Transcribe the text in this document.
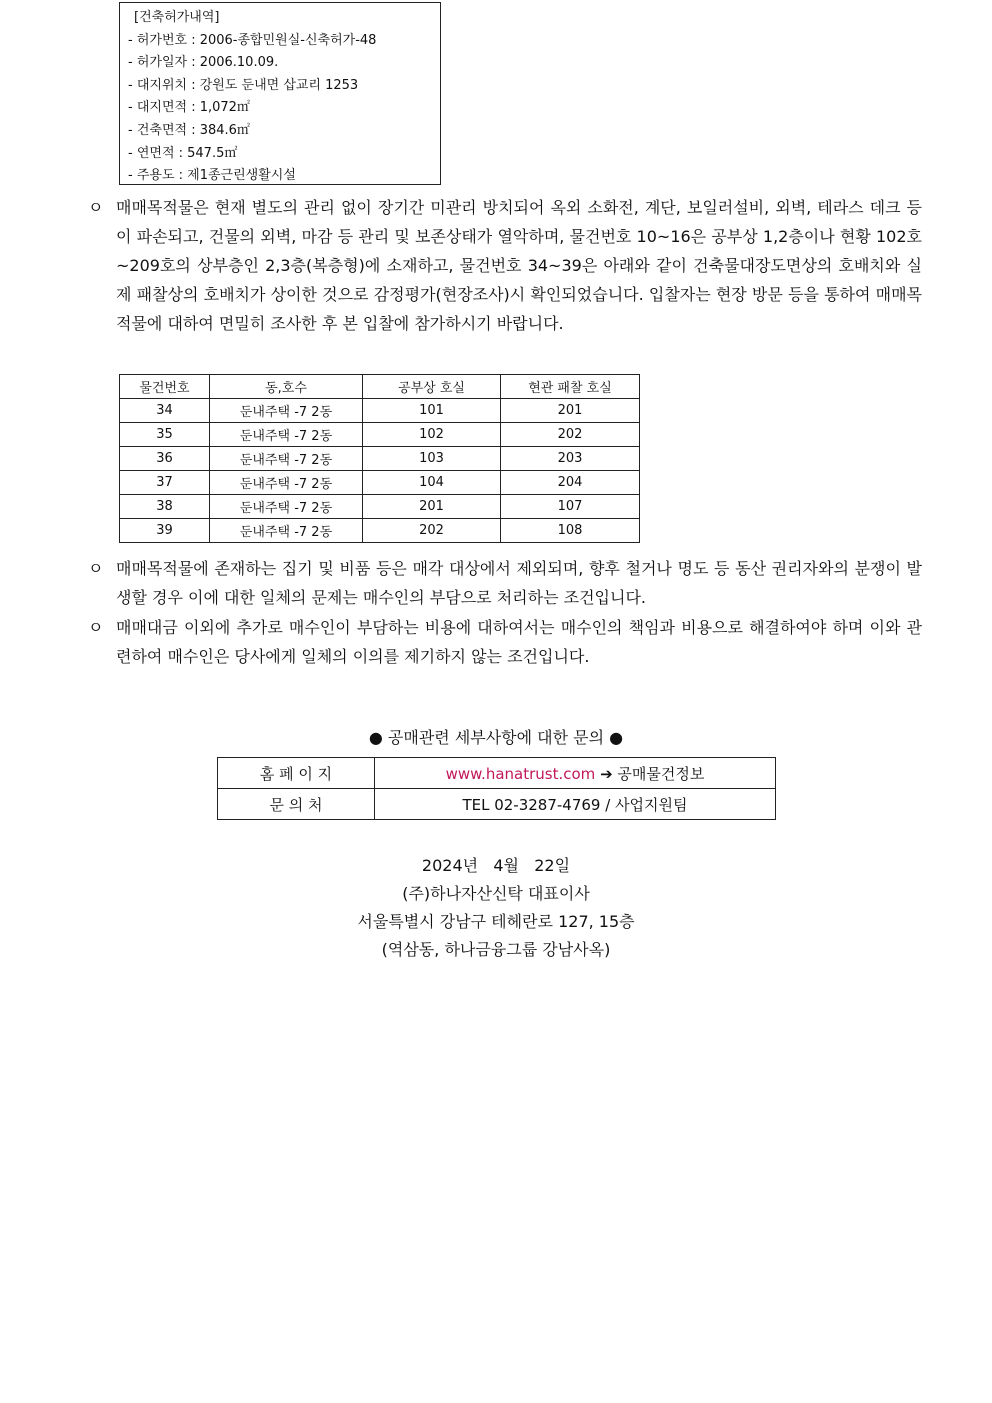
[건축허가내역]
- 허가번호 : 2006-종합민원실-신축허가-48
- 허가일자 : 2006.10.09.
- 대지위치 : 강원도 둔내면 삽교리 1253
- 대지면적 : 1,072㎡
- 건축면적 : 384.6㎡
- 연면적 : 547.5㎡
- 주용도 : 제1종근린생활시설
ㅇ 매매목적물은 현재 별도의 관리 없이 장기간 미관리 방치되어 옥외 소화전, 계단, 보일러설비, 외벽, 테라스 데크 등이 파손되고, 건물의 외벽, 마감 등 관리 및 보존상태가 열악하며, 물건번호 10~16은 공부상 1,2층이나 현황 102호~209호의 상부층인 2,3층(복층형)에 소재하고, 물건번호 34~39은 아래와 같이 건축물대장도면상의 호배치와 실제 패찰상의 호배치가 상이한 것으로 감정평가(현장조사)시 확인되었습니다. 입찰자는 현장 방문 등을 통하여 매매목적물에 대하여 면밀히 조사한 후 본 입찰에 참가하시기 바랍니다.
물건번호	동,호수	공부상 호실	현관 패찰 호실
34	둔내주택 -7 2동	101	201
35	둔내주택 -7 2동	102	202
36	둔내주택 -7 2동	103	203
37	둔내주택 -7 2동	104	204
38	둔내주택 -7 2동	201	107
39	둔내주택 -7 2동	202	108
ㅇ 매매목적물에 존재하는 집기 및 비품 등은 매각 대상에서 제외되며, 향후 철거나 명도 등 동산 권리자와의 분쟁이 발생할 경우 이에 대한 일체의 문제는 매수인의 부담으로 처리하는 조건입니다.
ㅇ 매매대금 이외에 추가로 매수인이 부담하는 비용에 대하여서는 매수인의 책임과 비용으로 해결하여야 하며 이와 관련하여 매수인은 당사에게 일체의 이의를 제기하지 않는 조건입니다.
● 공매관련 세부사항에 대한 문의 ●
홈 페 이 지	www.hanatrust.com ➔ 공매물건정보
문 의 처	TEL 02-3287-4769 / 사업지원팀
2024년   4월   22일
(주)하나자산신탁 대표이사
서울특별시 강남구 테헤란로 127, 15층
(역삼동, 하나금융그룹 강남사옥)
